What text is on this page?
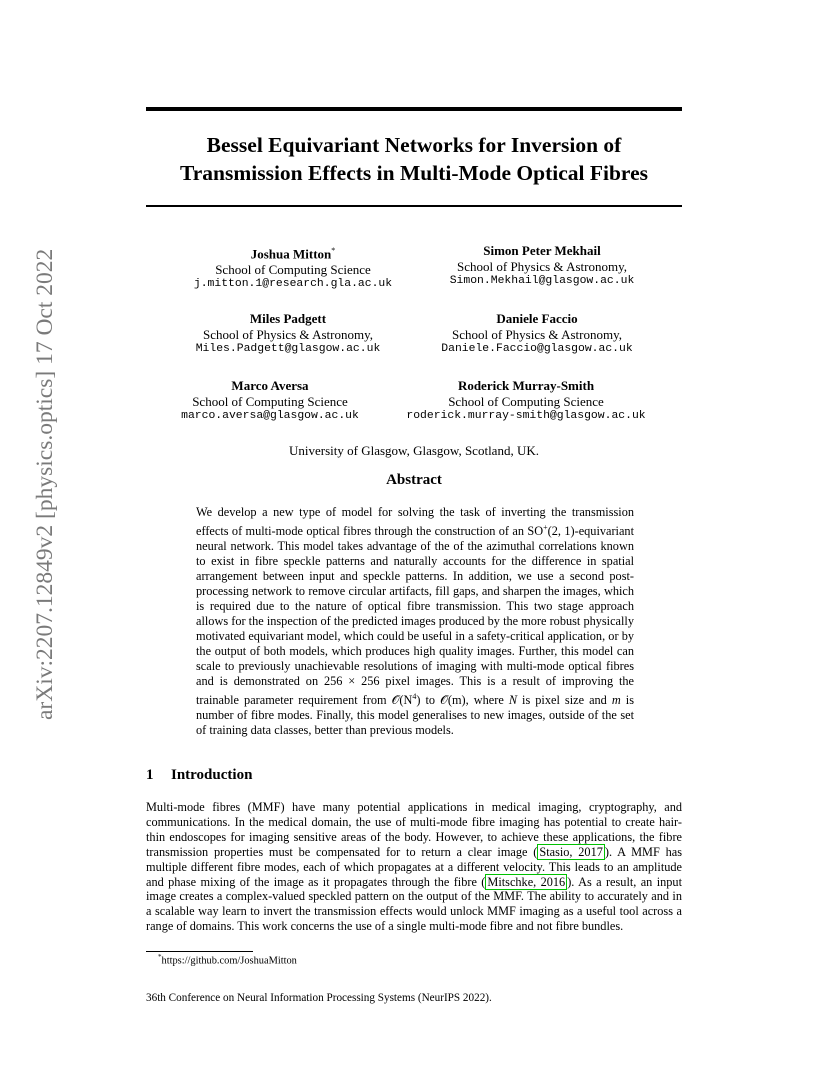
arXiv:2207.12849v2 [physics.optics] 17 Oct 2022
Bessel Equivariant Networks for Inversion of Transmission Effects in Multi-Mode Optical Fibres
Joshua Mitton*
School of Computing Science
j.mitton.1@research.gla.ac.uk
Simon Peter Mekhail
School of Physics & Astronomy,
Simon.Mekhail@glasgow.ac.uk
Miles Padgett
School of Physics & Astronomy,
Miles.Padgett@glasgow.ac.uk
Daniele Faccio
School of Physics & Astronomy,
Daniele.Faccio@glasgow.ac.uk
Marco Aversa
School of Computing Science
marco.aversa@glasgow.ac.uk
Roderick Murray-Smith
School of Computing Science
roderick.murray-smith@glasgow.ac.uk
University of Glasgow, Glasgow, Scotland, UK.
Abstract
We develop a new type of model for solving the task of inverting the transmission effects of multi-mode optical fibres through the construction of an SO+(2, 1)-equivariant neural network. This model takes advantage of the of the azimuthal correlations known to exist in fibre speckle patterns and naturally accounts for the difference in spatial arrangement between input and speckle patterns. In addition, we use a second post-processing network to remove circular artifacts, fill gaps, and sharpen the images, which is required due to the nature of optical fibre transmission. This two stage approach allows for the inspection of the predicted images produced by the more robust physically motivated equivariant model, which could be useful in a safety-critical application, or by the output of both models, which produces high quality images. Further, this model can scale to previously unachievable resolutions of imaging with multi-mode optical fibres and is demonstrated on 256 × 256 pixel images. This is a result of improving the trainable parameter requirement from $𝒪(N^4)$ to 𝒪(m), where N is pixel size and m is number of fibre modes. Finally, this model generalises to new images, outside of the set of training data classes, better than previous models.
1 Introduction
Multi-mode fibres (MMF) have many potential applications in medical imaging, cryptography, and communications. In the medical domain, the use of multi-mode fibre imaging has potential to create hair-thin endoscopes for imaging sensitive areas of the body. However, to achieve these applications, the fibre transmission properties must be compensated for to return a clear image ( Stasio, 2017 ). A MMF has multiple different fibre modes, each of which propagates at a different velocity. This leads to an amplitude and phase mixing of the image as it propagates through the fibre ( Mitschke, 2016 ). As a result, an input image creates a complex-valued speckled pattern on the output of the MMF. The ability to accurately and in a scalable way learn to invert the transmission effects would unlock MMF imaging as a useful tool across a range of domains. This work concerns the use of a single multi-mode fibre and not fibre bundles.
*https://github.com/JoshuaMitton
36th Conference on Neural Information Processing Systems (NeurIPS 2022).
